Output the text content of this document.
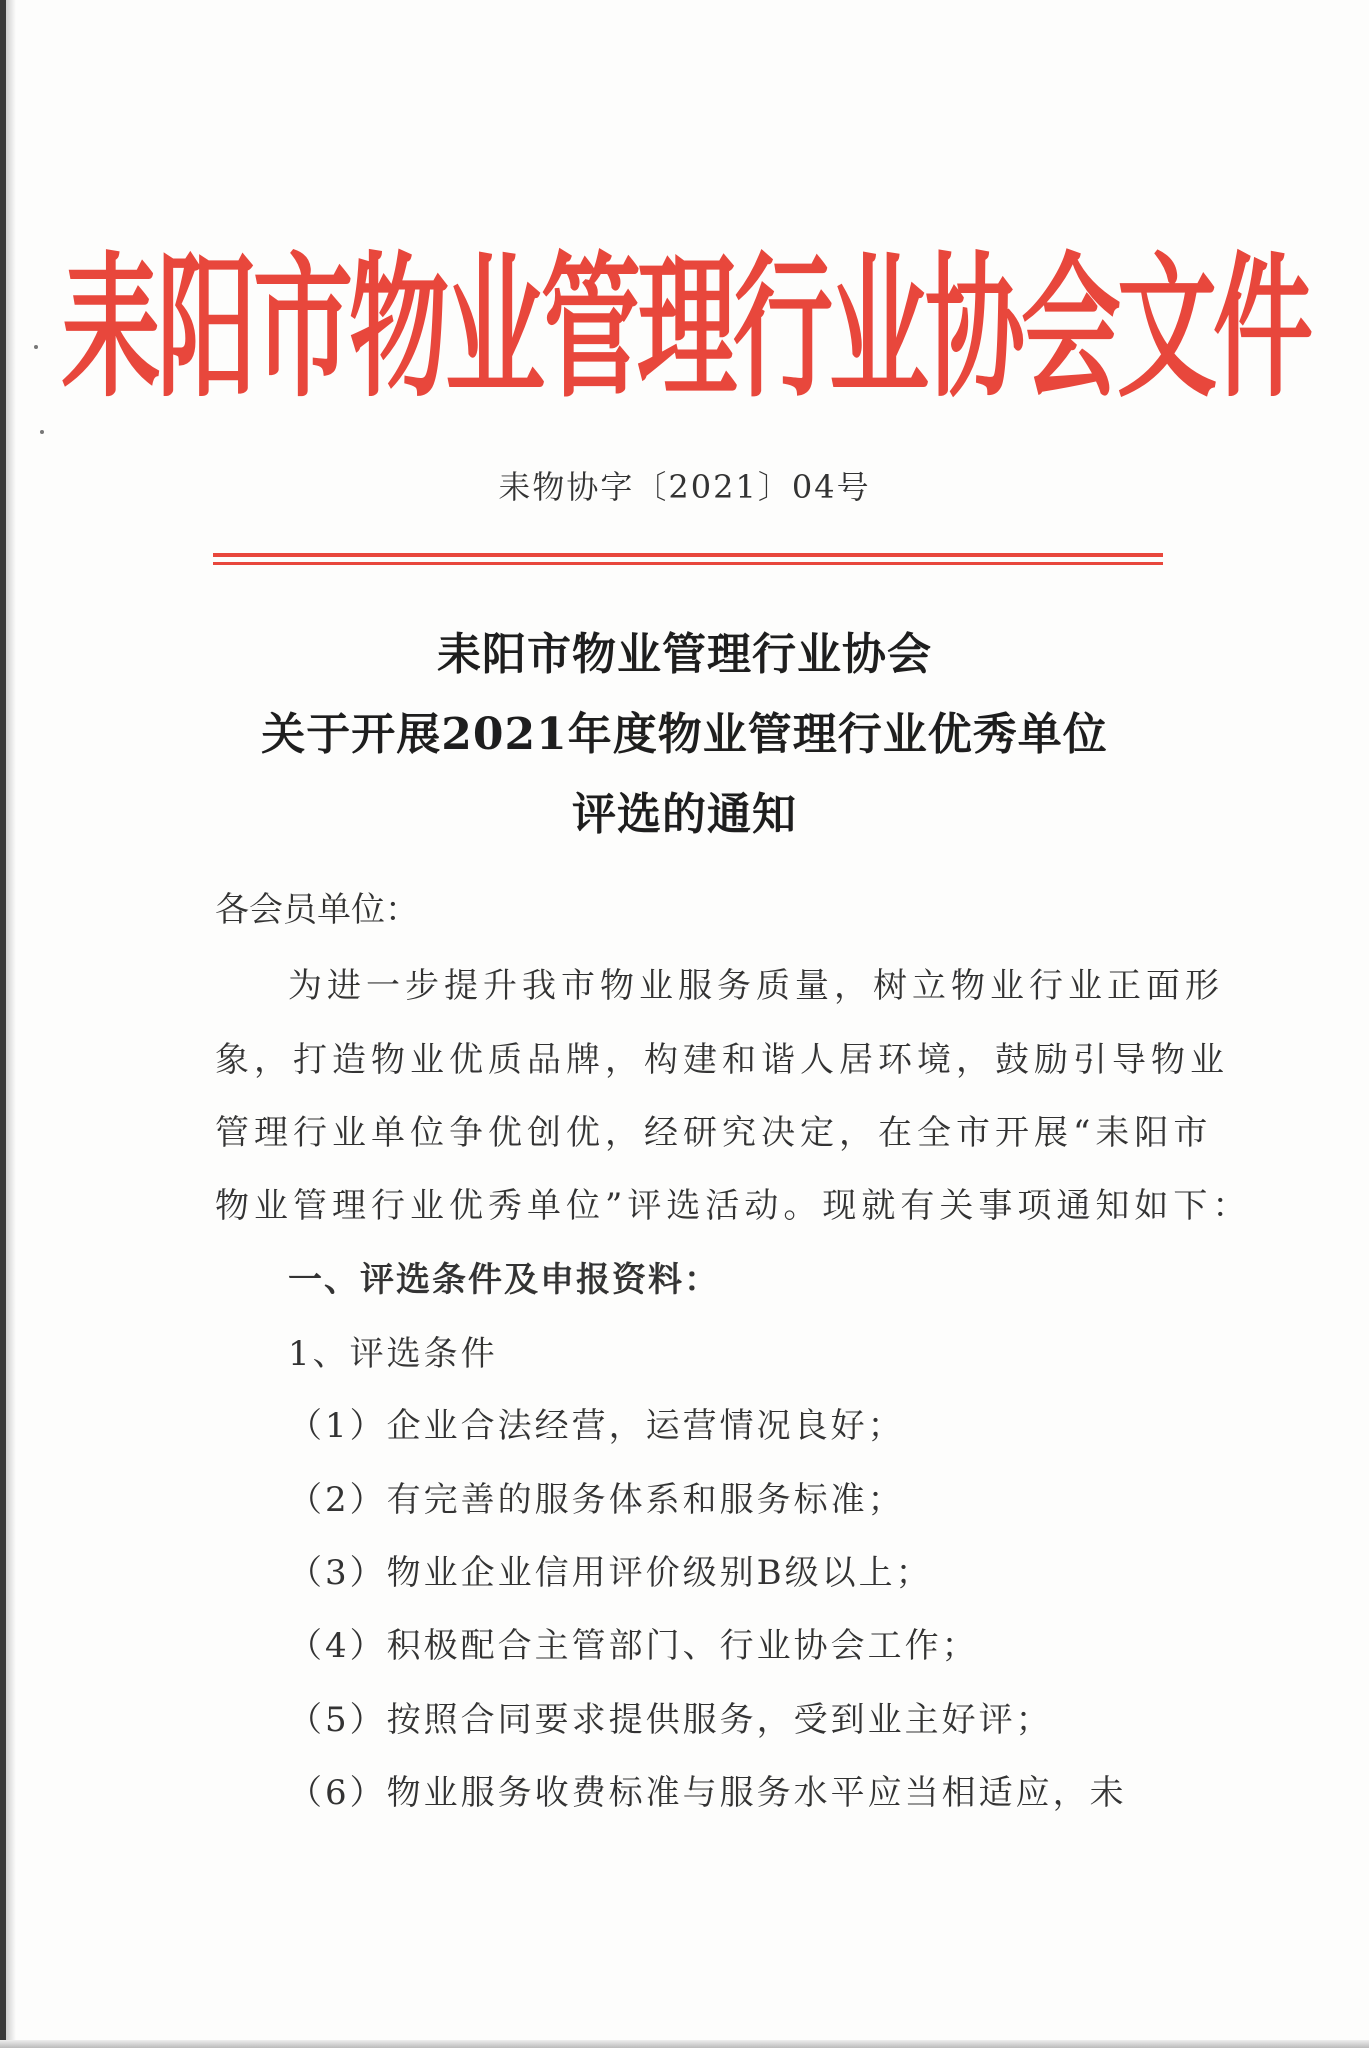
耒阳市物业管理行业协会文件
耒物协字〔2021〕04号
耒阳市物业管理行业协会
关于开展2021年度物业管理行业优秀单位
评选的通知
各会员单位：
为进一步提升我市物业服务质量，树立物业行业正面形
象，打造物业优质品牌，构建和谐人居环境，鼓励引导物业
管理行业单位争优创优，经研究决定，在全市开展“耒阳市
物业管理行业优秀单位”评选活动。现就有关事项通知如下：
一、评选条件及申报资料：
1、评选条件
（1）企业合法经营，运营情况良好；
（2）有完善的服务体系和服务标准；
（3）物业企业信用评价级别B级以上；
（4）积极配合主管部门、行业协会工作；
（5）按照合同要求提供服务，受到业主好评；
（6）物业服务收费标准与服务水平应当相适应，未
